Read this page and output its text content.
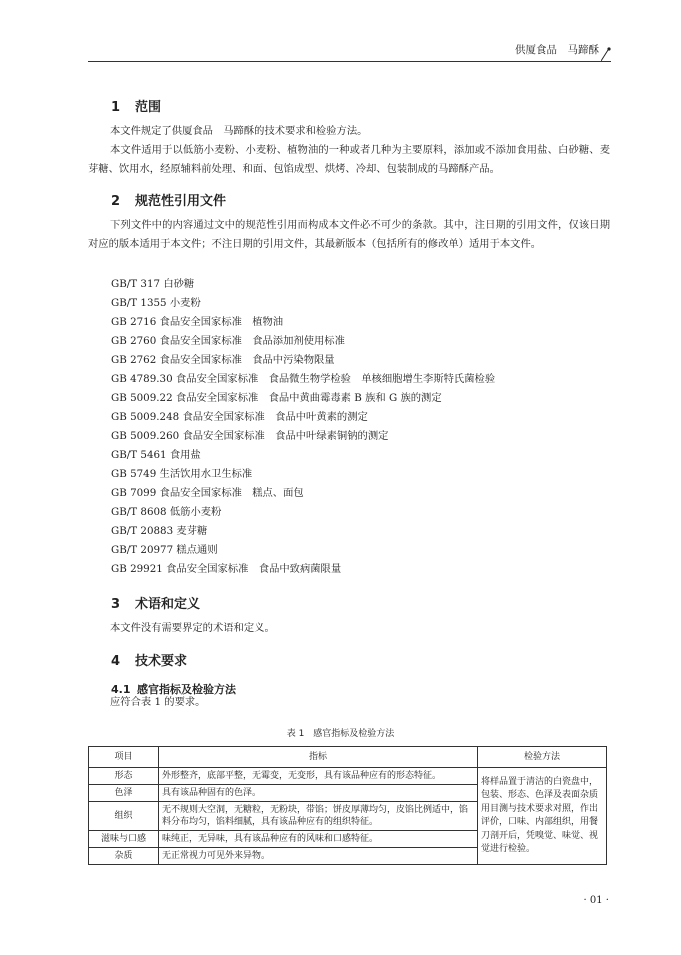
供厦食品　马蹄酥
1 范围
本文件规定了供厦食品　马蹄酥的技术要求和检验方法。
本文件适用于以低筋小麦粉、小麦粉、植物油的一种或者几种为主要原料，添加或不添加食用盐、白砂糖、麦芽糖、饮用水，经原辅料前处理、和面、包馅成型、烘烤、冷却、包装制成的马蹄酥产品。
2 规范性引用文件
下列文件中的内容通过文中的规范性引用而构成本文件必不可少的条款。其中，注日期的引用文件，仅该日期对应的版本适用于本文件；不注日期的引用文件，其最新版本（包括所有的修改单）适用于本文件。
GB/T 317 白砂糖
GB/T 1355 小麦粉
GB 2716 食品安全国家标准　植物油
GB 2760 食品安全国家标准　食品添加剂使用标准
GB 2762 食品安全国家标准　食品中污染物限量
GB 4789.30 食品安全国家标准　食品微生物学检验　单核细胞增生李斯特氏菌检验
GB 5009.22 食品安全国家标准　食品中黄曲霉毒素 B 族和 G 族的测定
GB 5009.248 食品安全国家标准　食品中叶黄素的测定
GB 5009.260 食品安全国家标准　食品中叶绿素铜钠的测定
GB/T 5461 食用盐
GB 5749 生活饮用水卫生标准
GB 7099 食品安全国家标准　糕点、面包
GB/T 8608 低筋小麦粉
GB/T 20883 麦芽糖
GB/T 20977 糕点通则
GB 29921 食品安全国家标准　食品中致病菌限量
3 术语和定义
本文件没有需要界定的术语和定义。
4 技术要求
4.1 感官指标及检验方法
应符合表 1 的要求。
表 1　感官指标及检验方法
项目	指标	检验方法
形态	外形整齐，底部平整，无霉变，无变形，具有该品种应有的形态特征。	将样品置于清洁的白瓷盘中，包装、形态、色泽及表面杂质用目测与技术要求对照，作出评价，口味、内部组织，用餐刀剖开后，凭嗅觉、味觉、视觉进行检验。
色泽	具有该品种固有的色泽。	
组织	无不规则大空洞，无糖粒，无粉块，带馅；饼皮厚薄均匀，皮馅比例适中，馅料分布均匀，馅料细腻，具有该品种应有的组织特征。	
滋味与口感	味纯正，无异味，具有该品种应有的风味和口感特征。	
杂质	无正常视力可见外来异物。	
· 01 ·
